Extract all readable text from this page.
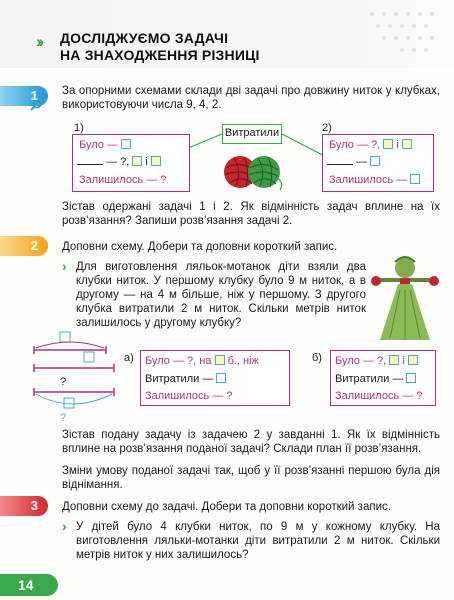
›› ДОСЛІДЖУЄМО ЗАДАЧІ
НА ЗНАХОДЖЕННЯ РІЗНИЦІ
1	За опорними схемами склади дві задачі про довжину ниток у клубках, використовуючи числа 9, 4, 2.
1)	2)
Витратили
Було —
— ?, і
Залишилось — ?
Було — ?, і
—
Залишилось —
Зістав одержані задачі 1 і 2. Як відмінність задач вплине на їх розв’язання? Запиши розв’язання задачі 2.
2	Доповни схему. Добери та доповни короткий запис.
› Для виготовлення ляльок-мотанок діти взяли два клубки ниток. У першому клубку було 9 м ниток, а в другому — на 4 м більше, ніж у першому. З другого клубка витратили 2 м ниток. Скільки метрів ниток залишилось у другому клубку?
?
?
а) Було — ?, на б., ніж
Витратили —
Залишилось — ?
б) Було — ?, і
Витратили —
Залишилось — ?
Зістав подану задачу із задачею 2 у завданні 1. Як їх відмінність вплине на розв’язання поданої задачі? Склади план її розв’язання.
Зміни умову поданої задачі так, щоб у її розв’язанні першою була дія віднімання.
3	Доповни схему до задачі. Добери та доповни короткий запис.
› У дітей було 4 клубки ниток, по 9 м у кожному клубку. На виготовлення ляльки-мотанки діти витратили 2 м ниток. Скільки метрів ниток у них залишилось?
14
